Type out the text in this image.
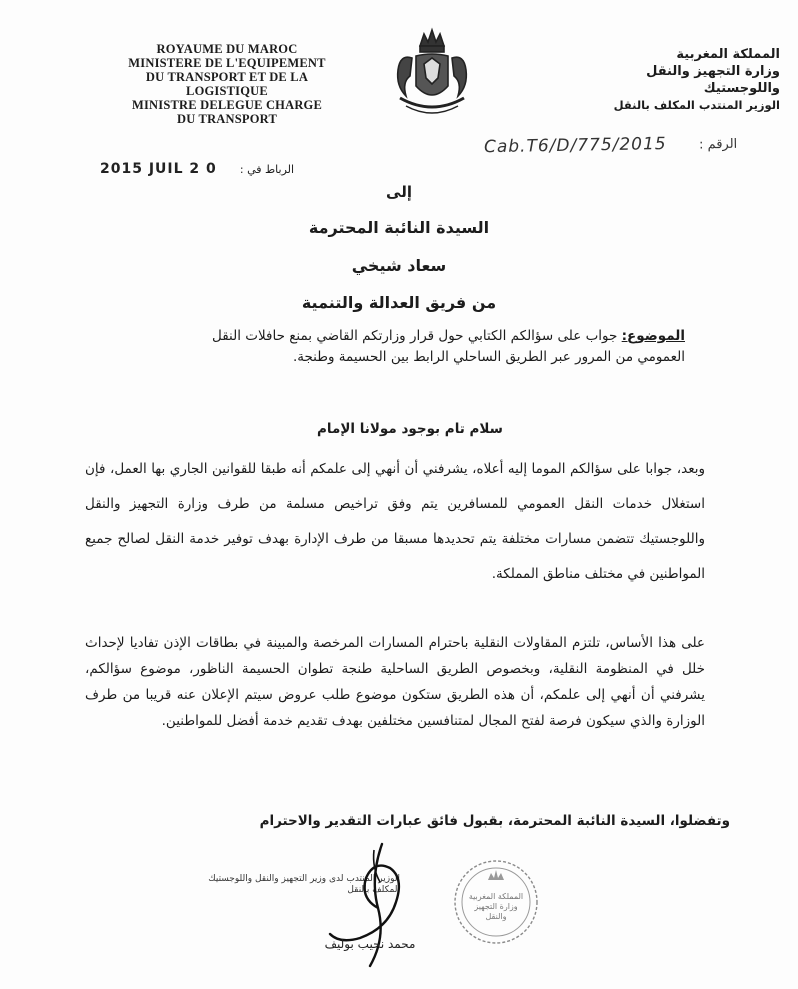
ROYAUME DU MAROC
MINISTERE DE L'EQUIPEMENT
DU TRANSPORT ET DE LA
LOGISTIQUE
MINISTRE DELEGUE CHARGE
DU TRANSPORT
المملكة المغربية
وزارة التجهيز والنقل
واللوجستيك
الوزير المنتدب المكلف بالنقل
Cab.T6/D/775/2015 الرقم :
2015 JUIL 2 0 الرباط في :
إلى
السيدة النائبة المحترمة
سعاد شيخي
من فريق العدالة والتنمية
الموضوع: جواب على سؤالكم الكتابي حول قرار وزارتكم القاضي بمنع حافلات النقل العمومي من المرور عبر الطريق الساحلي الرابط بين الحسيمة وطنجة.
سلام تام بوجود مولانا الإمام
وبعد، جوابا على سؤالكم الموما إليه أعلاه، يشرفني أن أنهي إلى علمكم أنه طبقا للقوانين الجاري بها العمل، فإن استغلال خدمات النقل العمومي للمسافرين يتم وفق تراخيص مسلمة من طرف وزارة التجهيز والنقل واللوجستيك تتضمن مسارات مختلفة يتم تحديدها مسبقا من طرف الإدارة بهدف توفير خدمة النقل لصالح جميع المواطنين في مختلف مناطق المملكة.
على هذا الأساس، تلتزم المقاولات النقلية باحترام المسارات المرخصة والمبينة في بطاقات الإذن تفاديا لإحداث خلل في المنظومة النقلية، وبخصوص الطريق الساحلية طنجة تطوان الحسيمة الناظور، موضوع سؤالكم، يشرفني أن أنهي إلى علمكم، أن هذه الطريق ستكون موضوع طلب عروض سيتم الإعلان عنه قريبا من طرف الوزارة والذي سيكون فرصة لفتح المجال لمتنافسين مختلفين بهدف تقديم خدمة أفضل للمواطنين.
وتفضلوا، السيدة النائبة المحترمة، بقبول فائق عبارات التقدير والاحترام
الوزير المنتدب لدى وزير التجهيز والنقل واللوجستيك
المكلف بالنقل
محمد نجيب بوليف
المملكة المغربية
وزارة التجهيز
والنقل
